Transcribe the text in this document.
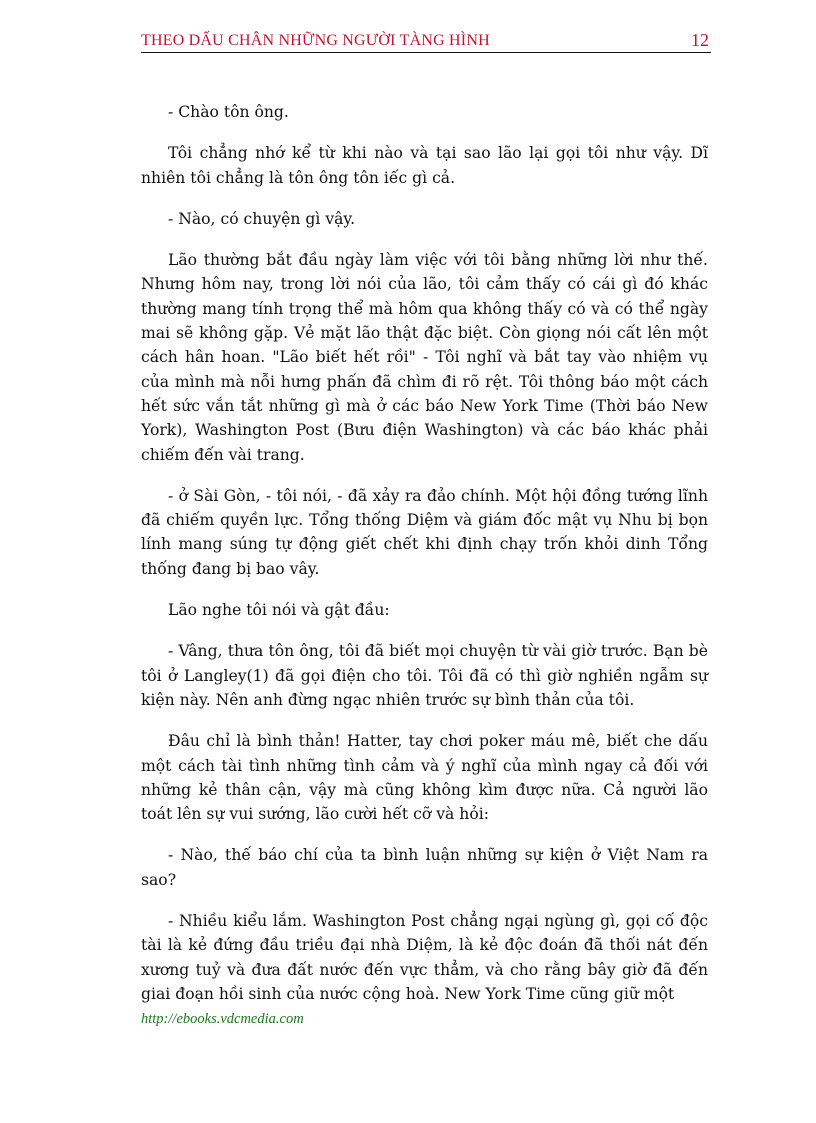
THEO DẤU CHÂN NHỮNG NGƯỜI TÀNG HÌNH	12

- Chào tôn ông.

Tôi chẳng nhớ kể từ khi nào và tại sao lão lại gọi tôi như vậy. Dĩ nhiên tôi chẳng là tôn ông tôn iếc gì cả.

- Nào, có chuyện gì vậy.

Lão thường bắt đầu ngày làm việc với tôi bằng những lời như thế. Nhưng hôm nay, trong lời nói của lão, tôi cảm thấy có cái gì đó khác thường mang tính trọng thể mà hôm qua không thấy có và có thể ngày mai sẽ không gặp. Vẻ mặt lão thật đặc biệt. Còn giọng nói cất lên một cách hân hoan. "Lão biết hết rồi" - Tôi nghĩ và bắt tay vào nhiệm vụ của mình mà nỗi hưng phấn đã chìm đi rõ rệt. Tôi thông báo một cách hết sức vắn tắt những gì mà ở các báo New York Time (Thời báo New York), Washington Post (Bưu điện Washington) và các báo khác phải chiếm đến vài trang.

- ở Sài Gòn, - tôi nói, - đã xảy ra đảo chính. Một hội đồng tướng lĩnh đã chiếm quyền lực. Tổng thống Diệm và giám đốc mật vụ Nhu bị bọn lính mang súng tự động giết chết khi định chạy trốn khỏi dinh Tổng thống đang bị bao vây.

Lão nghe tôi nói và gật đầu:

- Vâng, thưa tôn ông, tôi đã biết mọi chuyện từ vài giờ trước. Bạn bè tôi ở Langley(1) đã gọi điện cho tôi. Tôi đã có thì giờ nghiền ngẫm sự kiện này. Nên anh đừng ngạc nhiên trước sự bình thản của tôi.

Đâu chỉ là bình thản! Hatter, tay chơi poker máu mê, biết che dấu một cách tài tình những tình cảm và ý nghĩ của mình ngay cả đối với những kẻ thân cận, vậy mà cũng không kìm được nữa. Cả người lão toát lên sự vui sướng, lão cười hết cỡ và hỏi:

- Nào, thế báo chí của ta bình luận những sự kiện ở Việt Nam ra sao?

- Nhiều kiểu lắm. Washington Post chẳng ngại ngùng gì, gọi cố độc tài là kẻ đứng đầu triều đại nhà Diệm, là kẻ độc đoán đã thối nát đến xương tuỷ và đưa đất nước đến vực thẳm, và cho rằng bây giờ đã đến giai đoạn hồi sinh của nước cộng hoà. New York Time cũng giữ một

http://ebooks.vdcmedia.com
